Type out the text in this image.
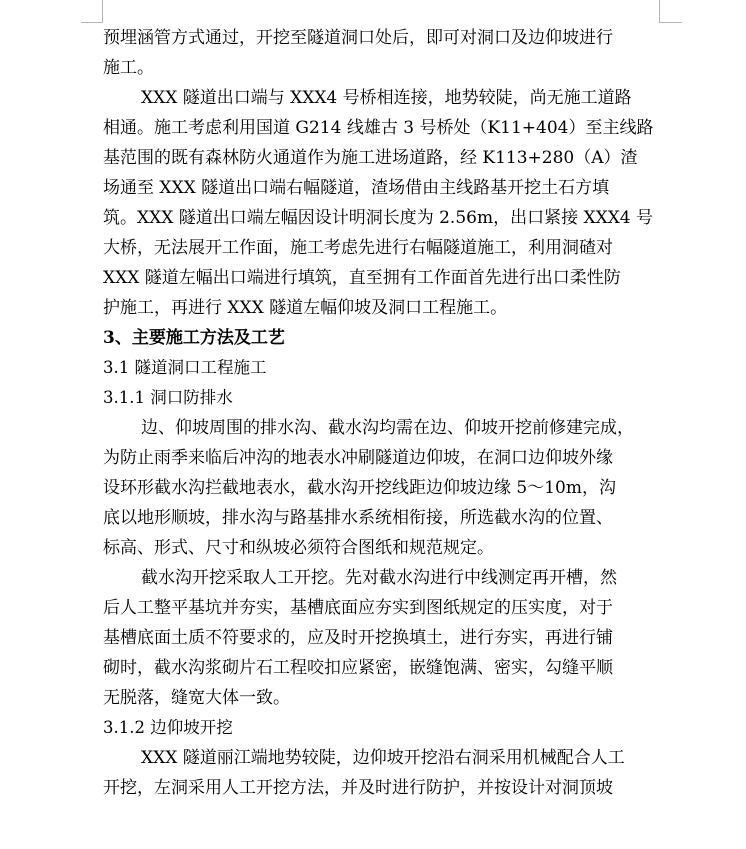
预埋涵管方式通过，开挖至隧道洞口处后，即可对洞口及边仰坡进行
施工。
XXX 隧道出口端与 XXX4 号桥相连接，地势较陡，尚无施工道路
相通。施工考虑利用国道 G214 线雄古 3 号桥处（K11+404）至主线路
基范围的既有森林防火通道作为施工进场道路，经 K113+280（A）渣
场通至 XXX 隧道出口端右幅隧道，渣场借由主线路基开挖土石方填
筑。XXX 隧道出口端左幅因设计明洞长度为 2.56m，出口紧接 XXX4 号
大桥，无法展开工作面，施工考虑先进行右幅隧道施工，利用洞碴对
XXX 隧道左幅出口端进行填筑，直至拥有工作面首先进行出口柔性防
护施工，再进行 XXX 隧道左幅仰坡及洞口工程施工。
3、主要施工方法及工艺
3.1 隧道洞口工程施工
3.1.1 洞口防排水
边、仰坡周围的排水沟、截水沟均需在边、仰坡开挖前修建完成，
为防止雨季来临后冲沟的地表水冲刷隧道边仰坡，在洞口边仰坡外缘
设环形截水沟拦截地表水，截水沟开挖线距边仰坡边缘 5～10m，沟
底以地形顺坡，排水沟与路基排水系统相衔接，所选截水沟的位置、
标高、形式、尺寸和纵坡必须符合图纸和规范规定。
截水沟开挖采取人工开挖。先对截水沟进行中线测定再开槽，然
后人工整平基坑并夯实，基槽底面应夯实到图纸规定的压实度，对于
基槽底面土质不符要求的，应及时开挖换填土，进行夯实，再进行铺
砌时，截水沟浆砌片石工程咬扣应紧密，嵌缝饱满、密实，勾缝平顺
无脱落，缝宽大体一致。
3.1.2 边仰坡开挖
XXX 隧道丽江端地势较陡，边仰坡开挖沿右洞采用机械配合人工
开挖，左洞采用人工开挖方法，并及时进行防护，并按设计对洞顶坡
